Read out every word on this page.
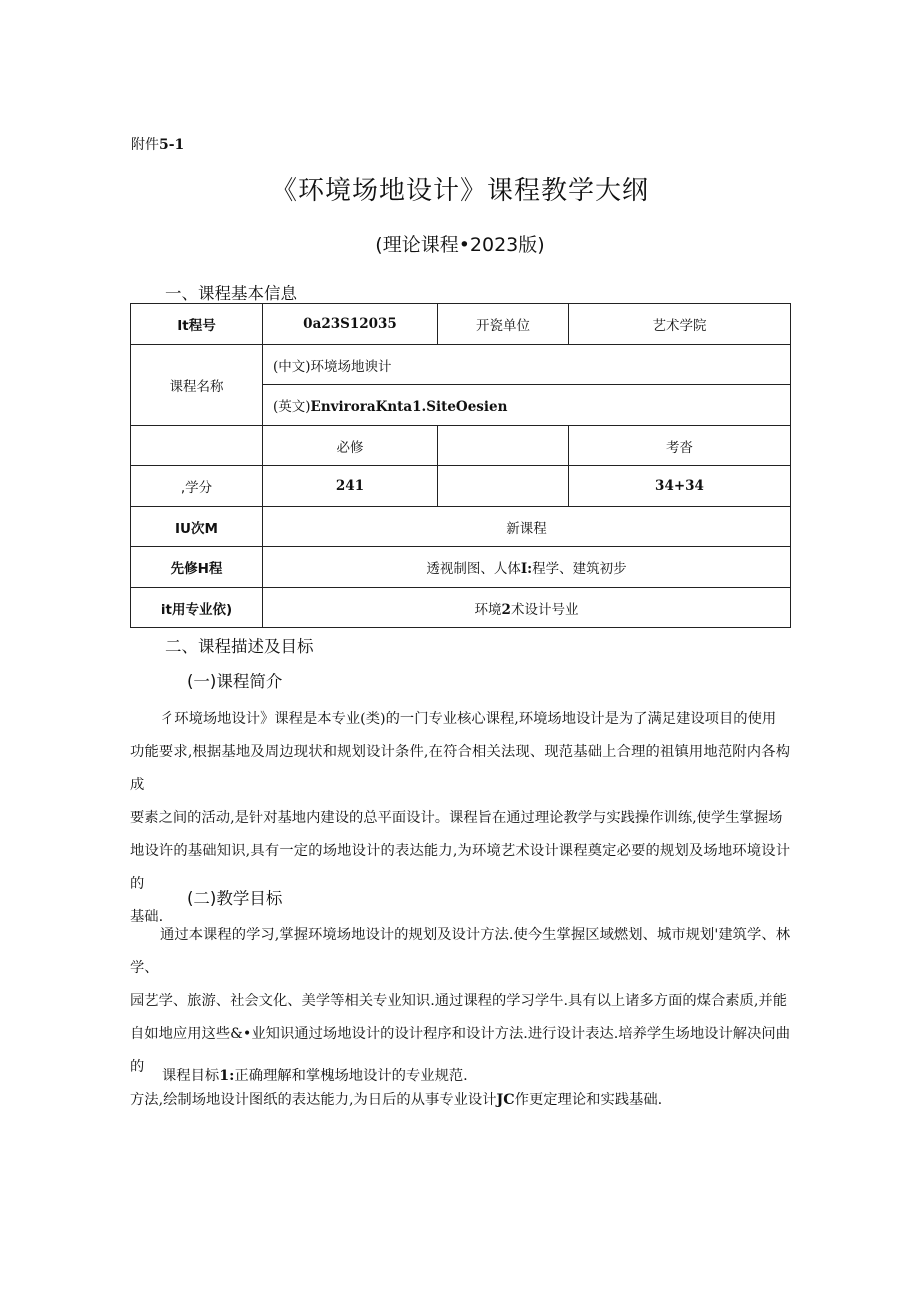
附件5-1
《环境场地设计》课程教学大纲
(理论课程•2023版)
一、课程基本信息
It程号	0a23S12035	开瓷单位	艺术学院
课程名称	(中文)环境场地谀计		
	(英文)EnviroraKnta1.SiteOesien		
	必修		考沓
,学分	241		34+34
IU次M	新课程		
先修H程	透视制图、人体I:程学、建筑初步		
it用专业依)	环境2术设计号业		
二、课程描述及目标
(一)课程简介

彳环境场地设计》课程是本专业(类)的一门专业核心课程,环境场地设计是为了满足建设项目的使用

功能要求,根据基地及周边现状和规划设计条件,在符合相关法现、现范基础上合理的祖镇用地范附内各构成

要素之间的活动,是针对基地内建设的总平面设计。课程旨在通过理论教学与实践操作训练,使学生掌握场

地设许的基础知识,具有一定的场地设计的表达能力,为环境艺术设计课程奠定必要的规划及场地环境设计的

基础.

(二)教学目标

通过本课程的学习,掌握环境场地设计的规划及设计方法.使今生掌握区域燃划、城市规划'建筑学、林学、

园艺学、旅游、社会文化、美学等相关专业知识.通过课程的学习学牛.具有以上诸多方面的煤合素质,并能

自如地应用这些&•业知识通过场地设计的设计程序和设计方法.进行设计表达.培养学生场地设计解决问曲的

方法,绘制场地设计图纸的表达能力,为日后的从事专业设计JC作更定理论和实践基础.

课程目标1:正确理解和掌槐场地设计的专业规范.
